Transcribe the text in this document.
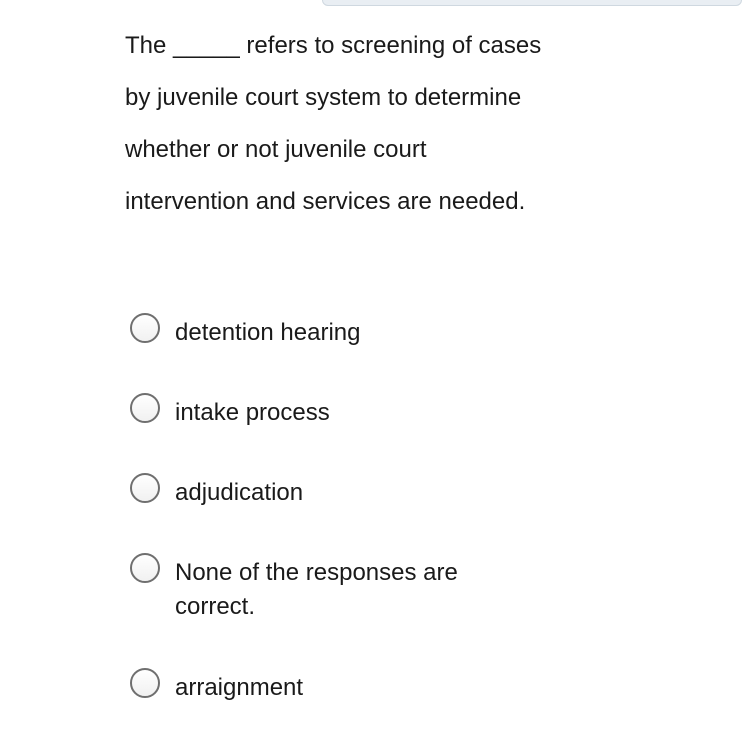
The _____ refers to screening of cases by juvenile court system to determine whether or not juvenile court intervention and services are needed.

detention hearing
intake process
adjudication
None of the responses are correct.
arraignment
